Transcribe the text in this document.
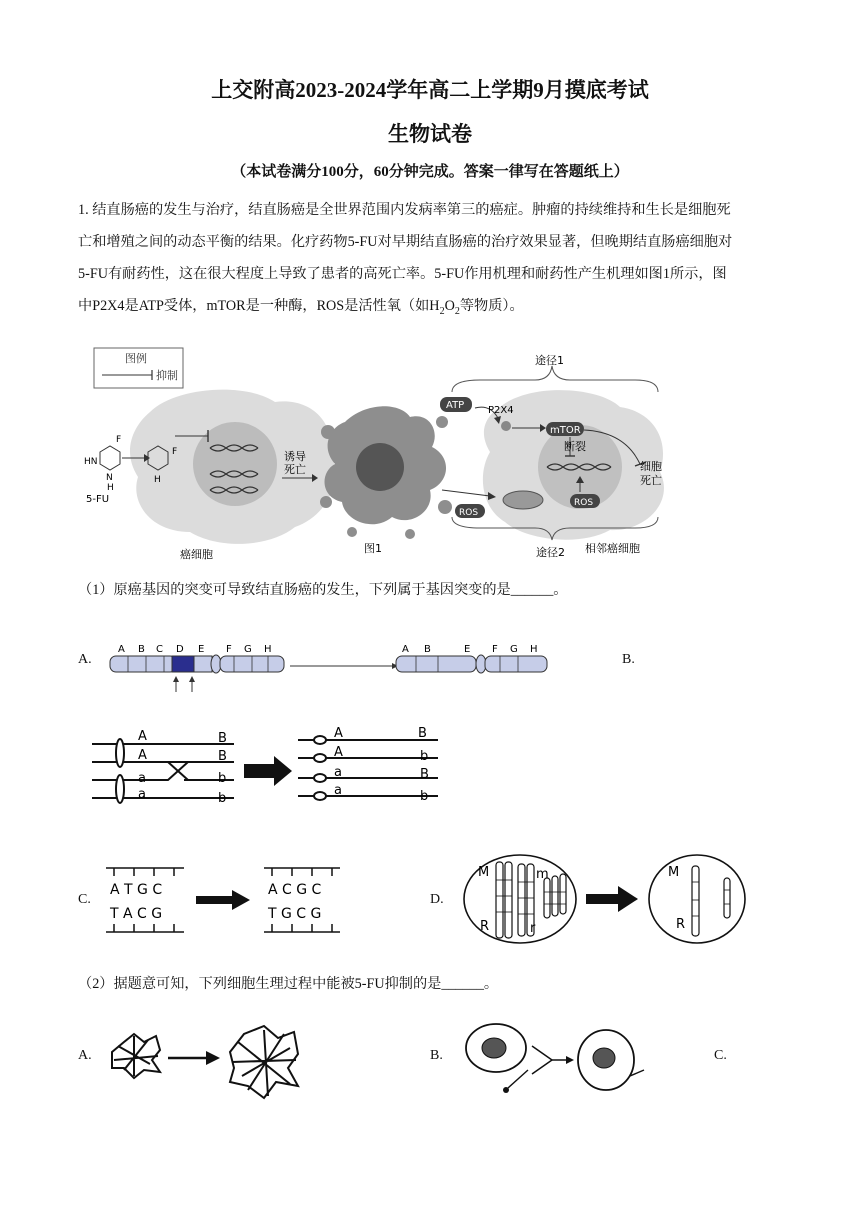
上交附高2023-2024学年高二上学期9月摸底考试
生物试卷
（本试卷满分100分，60分钟完成。答案一律写在答题纸上）
1. 结直肠癌的发生与治疗，结直肠癌是全世界范围内发病率第三的癌症。肿瘤的持续维持和生长是细胞死
亡和增殖之间的动态平衡的结果。化疗药物5-FU对早期结直肠癌的治疗效果显著，但晚期结直肠癌细胞对
5-FU有耐药性，这在很大程度上导致了患者的高死亡率。5-FU作用机理和耐药性产生机理如图1所示，图
中P2X4是ATP受体，mTOR是一种酶，ROS是活性氧（如$H_2O_2$等物质）。
图例
抑制
F
HN
N
H
5-FU
F
H
癌细胞
诱导
死亡
图1
途径1
ATP P2X4
mTOR
断裂
细胞
死亡
ROS
ROS
途径2 相邻癌细胞
（1）原癌基因的突变可导致结直肠癌的发生，下列属于基因突变的是______。
A.
A B C D E F G H	A B	E F G H
B.
A	B
A	B
a	b
a	b
A	B
A	b
a	B
a	b
C.
A T G C
T A C G
A C G C
T G C G
D.
M	m
R	r
M
R
（2）据题意可知，下列细胞生理过程中能被5-FU抑制的是______。
A.	B.	C.
